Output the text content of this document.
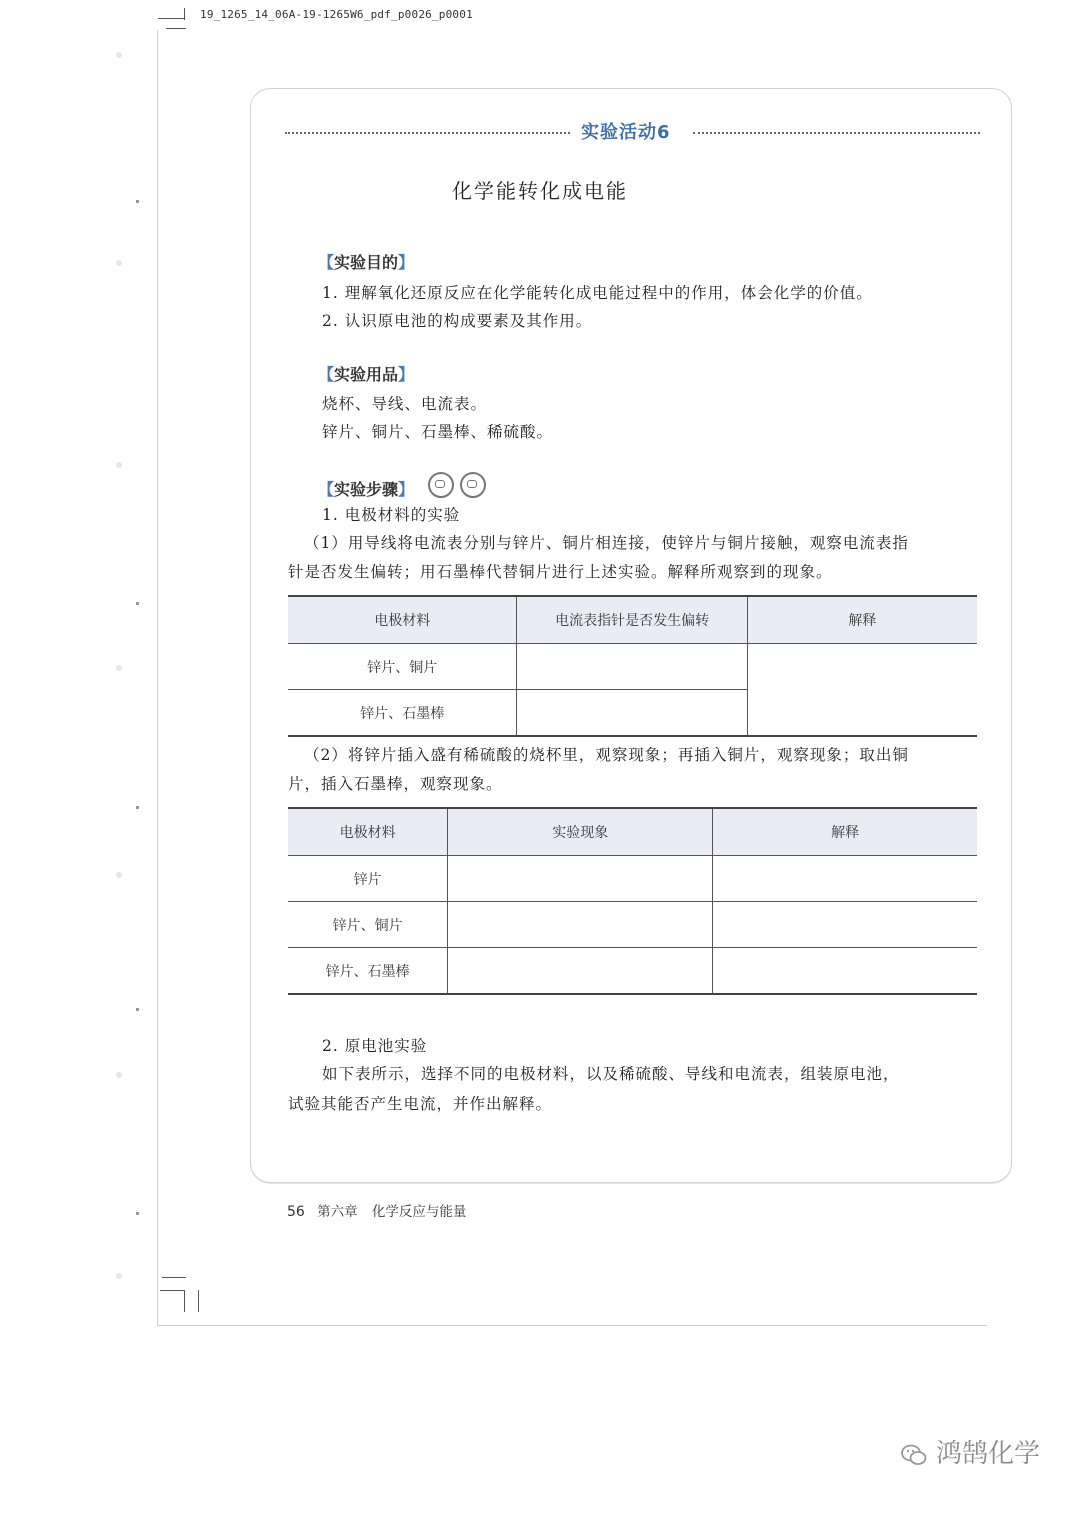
19_1265_14_06A-19-1265W6_pdf_p0026_p0001
实验活动6
化学能转化成电能
【实验目的】
1. 理解氧化还原反应在化学能转化成电能过程中的作用，体会化学的价值。
2. 认识原电池的构成要素及其作用。
【实验用品】
烧杯、导线、电流表。
锌片、铜片、石墨棒、稀硫酸。
【实验步骤】
1. 电极材料的实验
（1）用导线将电流表分别与锌片、铜片相连接，使锌片与铜片接触，观察电流表指
针是否发生偏转；用石墨棒代替铜片进行上述实验。解释所观察到的现象。
电极材料	电流表指针是否发生偏转	解释
锌片、铜片		
锌片、石墨棒		
（2）将锌片插入盛有稀硫酸的烧杯里，观察现象；再插入铜片，观察现象；取出铜
片，插入石墨棒，观察现象。
电极材料	实验现象	解释
锌片		
锌片、铜片		
锌片、石墨棒		
2. 原电池实验
如下表所示，选择不同的电极材料，以及稀硫酸、导线和电流表，组装原电池，
试验其能否产生电流，并作出解释。
56 第六章 化学反应与能量
鸿鹄化学
